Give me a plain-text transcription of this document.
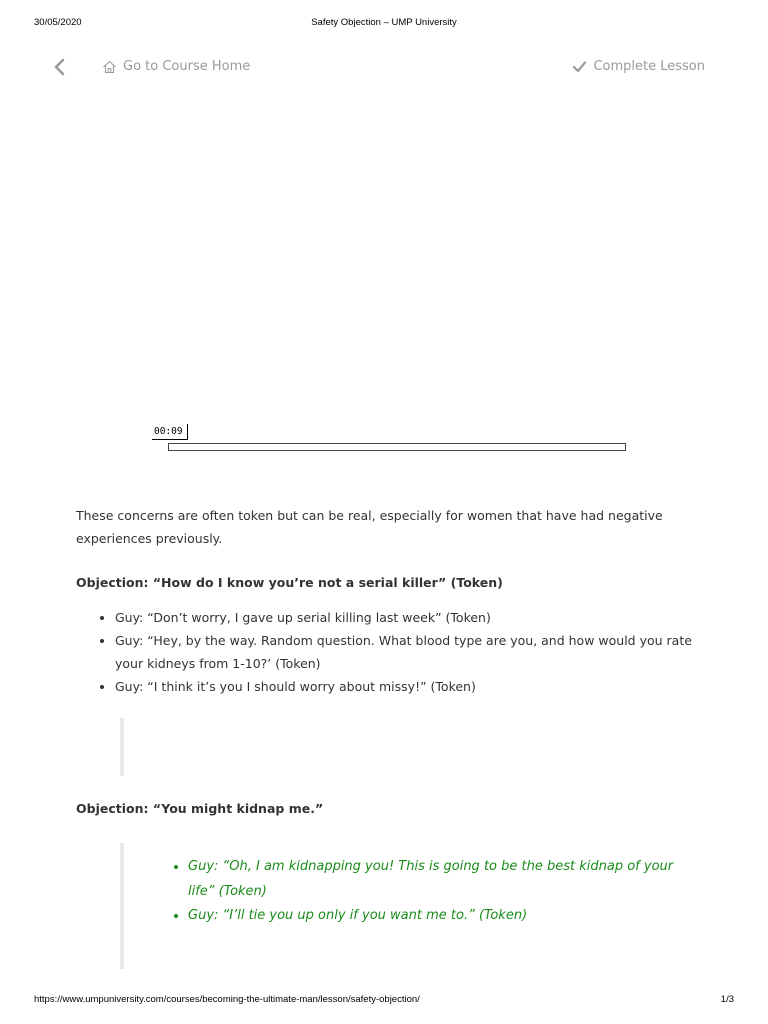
30/05/2020	Safety Objection – UMP University
Go to Course Home	Complete Lesson
00:09

These concerns are often token but can be real, especially for women that have had negative experiences previously.

Objection: “How do I know you’re not a serial killer” (Token)

• Guy: “Don’t worry, I gave up serial killing last week” (Token)
• Guy: “Hey, by the way. Random question. What blood type are you, and how would you rate your kidneys from 1-10?’ (Token)
• Guy: “I think it’s you I should worry about missy!” (Token)

Objection: “You might kidnap me.”

• Guy: “Oh, I am kidnapping you! This is going to be the best kidnap of your life” (Token)
• Guy: “I’ll tie you up only if you want me to.” (Token)
https://www.umpuniversity.com/courses/becoming-the-ultimate-man/lesson/safety-objection/	1/3
